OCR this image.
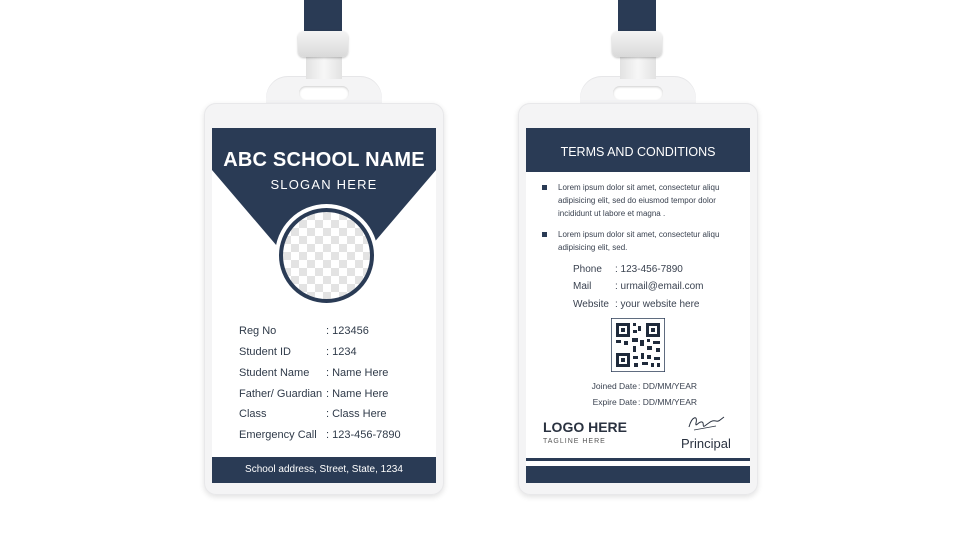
ABC SCHOOL NAME
SLOGAN HERE
Reg No	: 123456
Student ID	: 1234
Student Name : Name Here
Father/ Guardian : Name Here
Class	: Class Here
Emergency Call : 123-456-7890
School address, Street, State, 1234
TERMS AND CONDITIONS
Lorem ipsum dolor sit amet, consectetur aliqu
adipisicing elit, sed do eiusmod tempor dolor
incididunt ut labore et magna .
Lorem ipsum dolor sit amet, consectetur aliqu
adipisicing elit, sed.
Phone : 123-456-7890
Mail : urmail@email.com
Website : your website here
Joined Date : DD/MM/YEAR
Expire Date : DD/MM/YEAR
LOGO HERE
TAGLINE HERE	Principal
